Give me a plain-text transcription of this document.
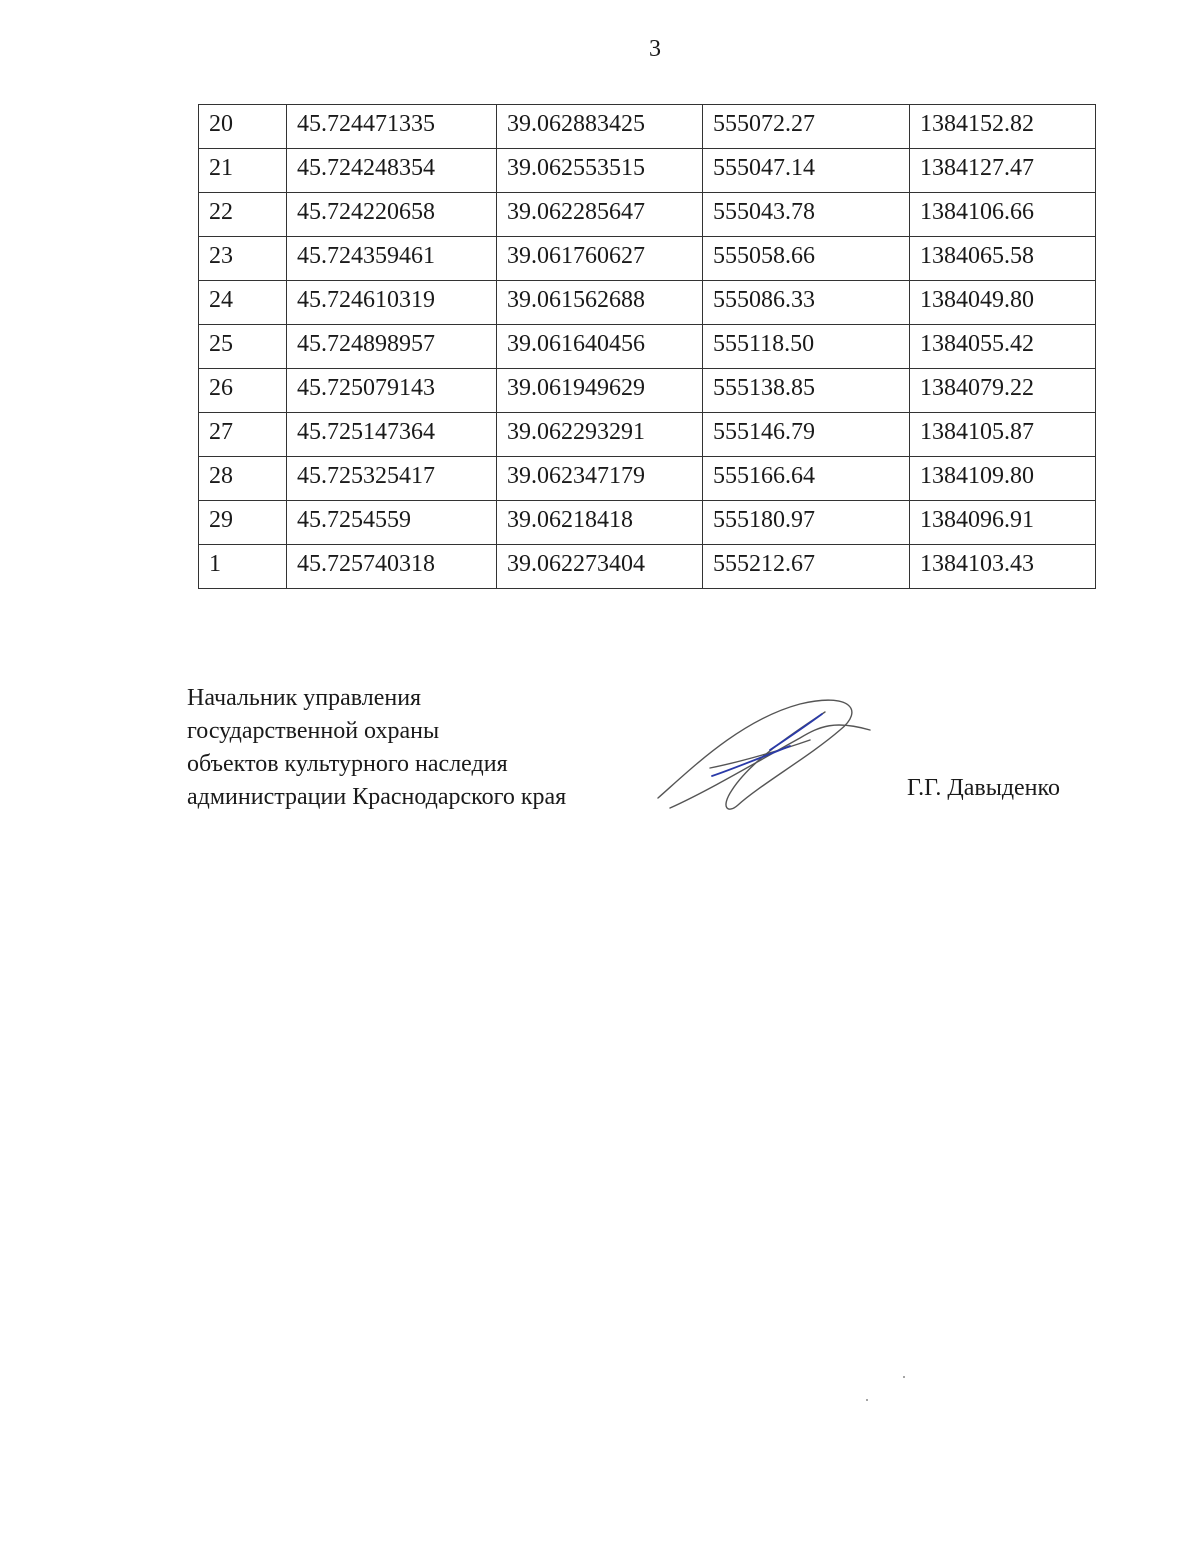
3
20	45.724471335	39.062883425	555072.27	1384152.82
21	45.724248354	39.062553515	555047.14	1384127.47
22	45.724220658	39.062285647	555043.78	1384106.66
23	45.724359461	39.061760627	555058.66	1384065.58
24	45.724610319	39.061562688	555086.33	1384049.80
25	45.724898957	39.061640456	555118.50	1384055.42
26	45.725079143	39.061949629	555138.85	1384079.22
27	45.725147364	39.062293291	555146.79	1384105.87
28	45.725325417	39.062347179	555166.64	1384109.80
29	45.7254559	39.06218418	555180.97	1384096.91
1	45.725740318	39.062273404	555212.67	1384103.43
Начальник управления
государственной охраны
объектов культурного наследия
администрации Краснодарского края	Г.Г. Давыденко
